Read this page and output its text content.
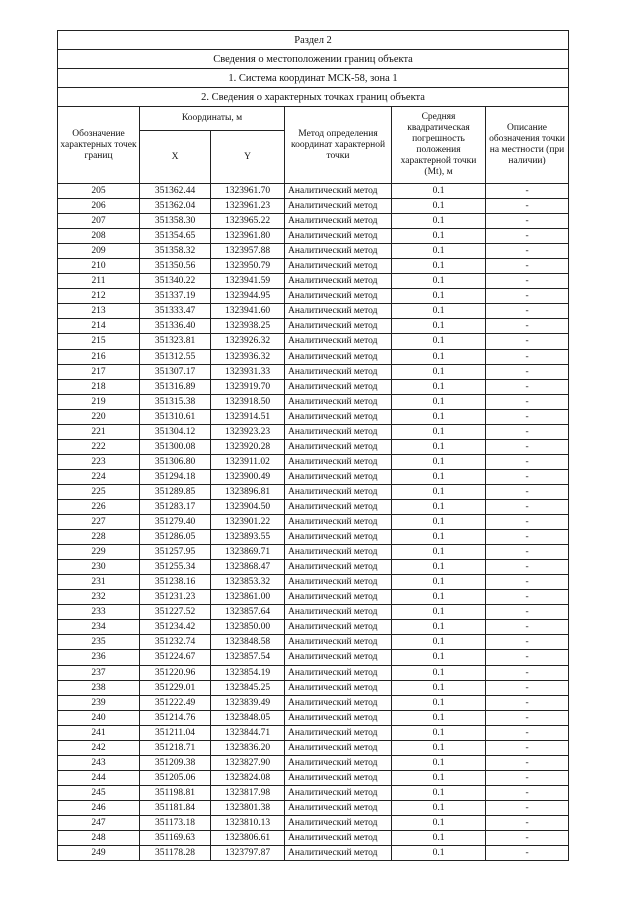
Раздел 2					
Сведения о местоположении границ объекта					
1. Система координат МСК-58, зона 1					
2. Сведения о характерных точках границ объекта					
Обозначение характерных точек границ	Координаты, м		Метод определения координат характерной точки	Средняя квадратическая погрешность положения характерной точки (Mt), м	Описание обозначения точки на местности (при наличии)
	X	Y			
205	351362.44	1323961.70	Аналитический метод	0.1	-
206	351362.04	1323961.23	Аналитический метод	0.1	-
207	351358.30	1323965.22	Аналитический метод	0.1	-
208	351354.65	1323961.80	Аналитический метод	0.1	-
209	351358.32	1323957.88	Аналитический метод	0.1	-
210	351350.56	1323950.79	Аналитический метод	0.1	-
211	351340.22	1323941.59	Аналитический метод	0.1	-
212	351337.19	1323944.95	Аналитический метод	0.1	-
213	351333.47	1323941.60	Аналитический метод	0.1	-
214	351336.40	1323938.25	Аналитический метод	0.1	-
215	351323.81	1323926.32	Аналитический метод	0.1	-
216	351312.55	1323936.32	Аналитический метод	0.1	-
217	351307.17	1323931.33	Аналитический метод	0.1	-
218	351316.89	1323919.70	Аналитический метод	0.1	-
219	351315.38	1323918.50	Аналитический метод	0.1	-
220	351310.61	1323914.51	Аналитический метод	0.1	-
221	351304.12	1323923.23	Аналитический метод	0.1	-
222	351300.08	1323920.28	Аналитический метод	0.1	-
223	351306.80	1323911.02	Аналитический метод	0.1	-
224	351294.18	1323900.49	Аналитический метод	0.1	-
225	351289.85	1323896.81	Аналитический метод	0.1	-
226	351283.17	1323904.50	Аналитический метод	0.1	-
227	351279.40	1323901.22	Аналитический метод	0.1	-
228	351286.05	1323893.55	Аналитический метод	0.1	-
229	351257.95	1323869.71	Аналитический метод	0.1	-
230	351255.34	1323868.47	Аналитический метод	0.1	-
231	351238.16	1323853.32	Аналитический метод	0.1	-
232	351231.23	1323861.00	Аналитический метод	0.1	-
233	351227.52	1323857.64	Аналитический метод	0.1	-
234	351234.42	1323850.00	Аналитический метод	0.1	-
235	351232.74	1323848.58	Аналитический метод	0.1	-
236	351224.67	1323857.54	Аналитический метод	0.1	-
237	351220.96	1323854.19	Аналитический метод	0.1	-
238	351229.01	1323845.25	Аналитический метод	0.1	-
239	351222.49	1323839.49	Аналитический метод	0.1	-
240	351214.76	1323848.05	Аналитический метод	0.1	-
241	351211.04	1323844.71	Аналитический метод	0.1	-
242	351218.71	1323836.20	Аналитический метод	0.1	-
243	351209.38	1323827.90	Аналитический метод	0.1	-
244	351205.06	1323824.08	Аналитический метод	0.1	-
245	351198.81	1323817.98	Аналитический метод	0.1	-
246	351181.84	1323801.38	Аналитический метод	0.1	-
247	351173.18	1323810.13	Аналитический метод	0.1	-
248	351169.63	1323806.61	Аналитический метод	0.1	-
249	351178.28	1323797.87	Аналитический метод	0.1	-
